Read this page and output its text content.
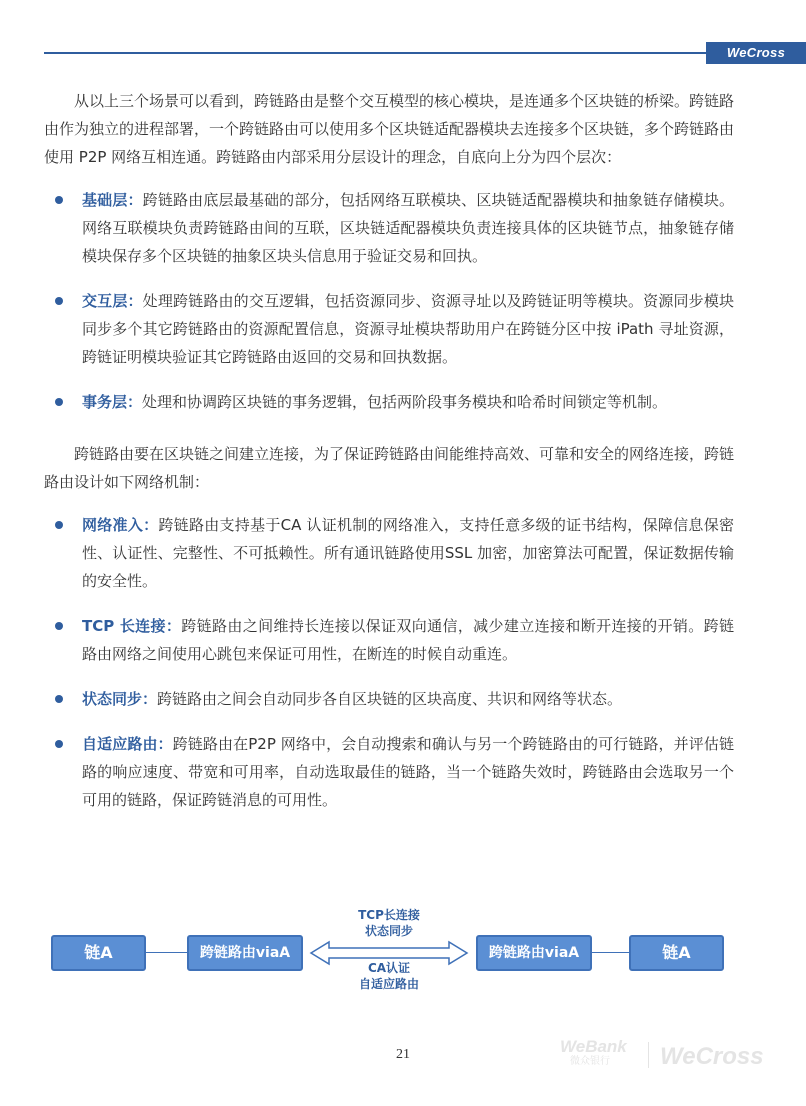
WeCross

从以上三个场景可以看到，跨链路由是整个交互模型的核心模块，是连通多个区块链的桥梁。跨链路由作为独立的进程部署，一个跨链路由可以使用多个区块链适配器模块去连接多个区块链，多个跨链路由使用 P2P 网络互相连通。跨链路由内部采用分层设计的理念，自底向上分为四个层次：

基础层：跨链路由底层最基础的部分，包括网络互联模块、区块链适配器模块和抽象链存储模块。网络互联模块负责跨链路由间的互联，区块链适配器模块负责连接具体的区块链节点，抽象链存储模块保存多个区块链的抽象区块头信息用于验证交易和回执。
交互层：处理跨链路由的交互逻辑，包括资源同步、资源寻址以及跨链证明等模块。资源同步模块同步多个其它跨链路由的资源配置信息，资源寻址模块帮助用户在跨链分区中按 iPath 寻址资源，跨链证明模块验证其它跨链路由返回的交易和回执数据。
事务层：处理和协调跨区块链的事务逻辑，包括两阶段事务模块和哈希时间锁定等机制。

跨链路由要在区块链之间建立连接，为了保证跨链路由间能维持高效、可靠和安全的网络连接，跨链路由设计如下网络机制：

网络准入：跨链路由支持基于CA 认证机制的网络准入，支持任意多级的证书结构，保障信息保密性、认证性、完整性、不可抵赖性。所有通讯链路使用SSL 加密，加密算法可配置，保证数据传输的安全性。
TCP 长连接：跨链路由之间维持长连接以保证双向通信，减少建立连接和断开连接的开销。跨链路由网络之间使用心跳包来保证可用性，在断连的时候自动重连。
状态同步：跨链路由之间会自动同步各自区块链的区块高度、共识和网络等状态。
自适应路由：跨链路由在P2P 网络中，会自动搜索和确认与另一个跨链路由的可行链路，并评估链路的响应速度、带宽和可用率，自动选取最佳的链路，当一个链路失效时，跨链路由会选取另一个可用的链路，保证跨链消息的可用性。
链A	跨链路由viaA
TCP长连接
状态同步
CA认证
自适应路由
跨链路由viaA	链A
21	WeBank
微众银行	WeCross
